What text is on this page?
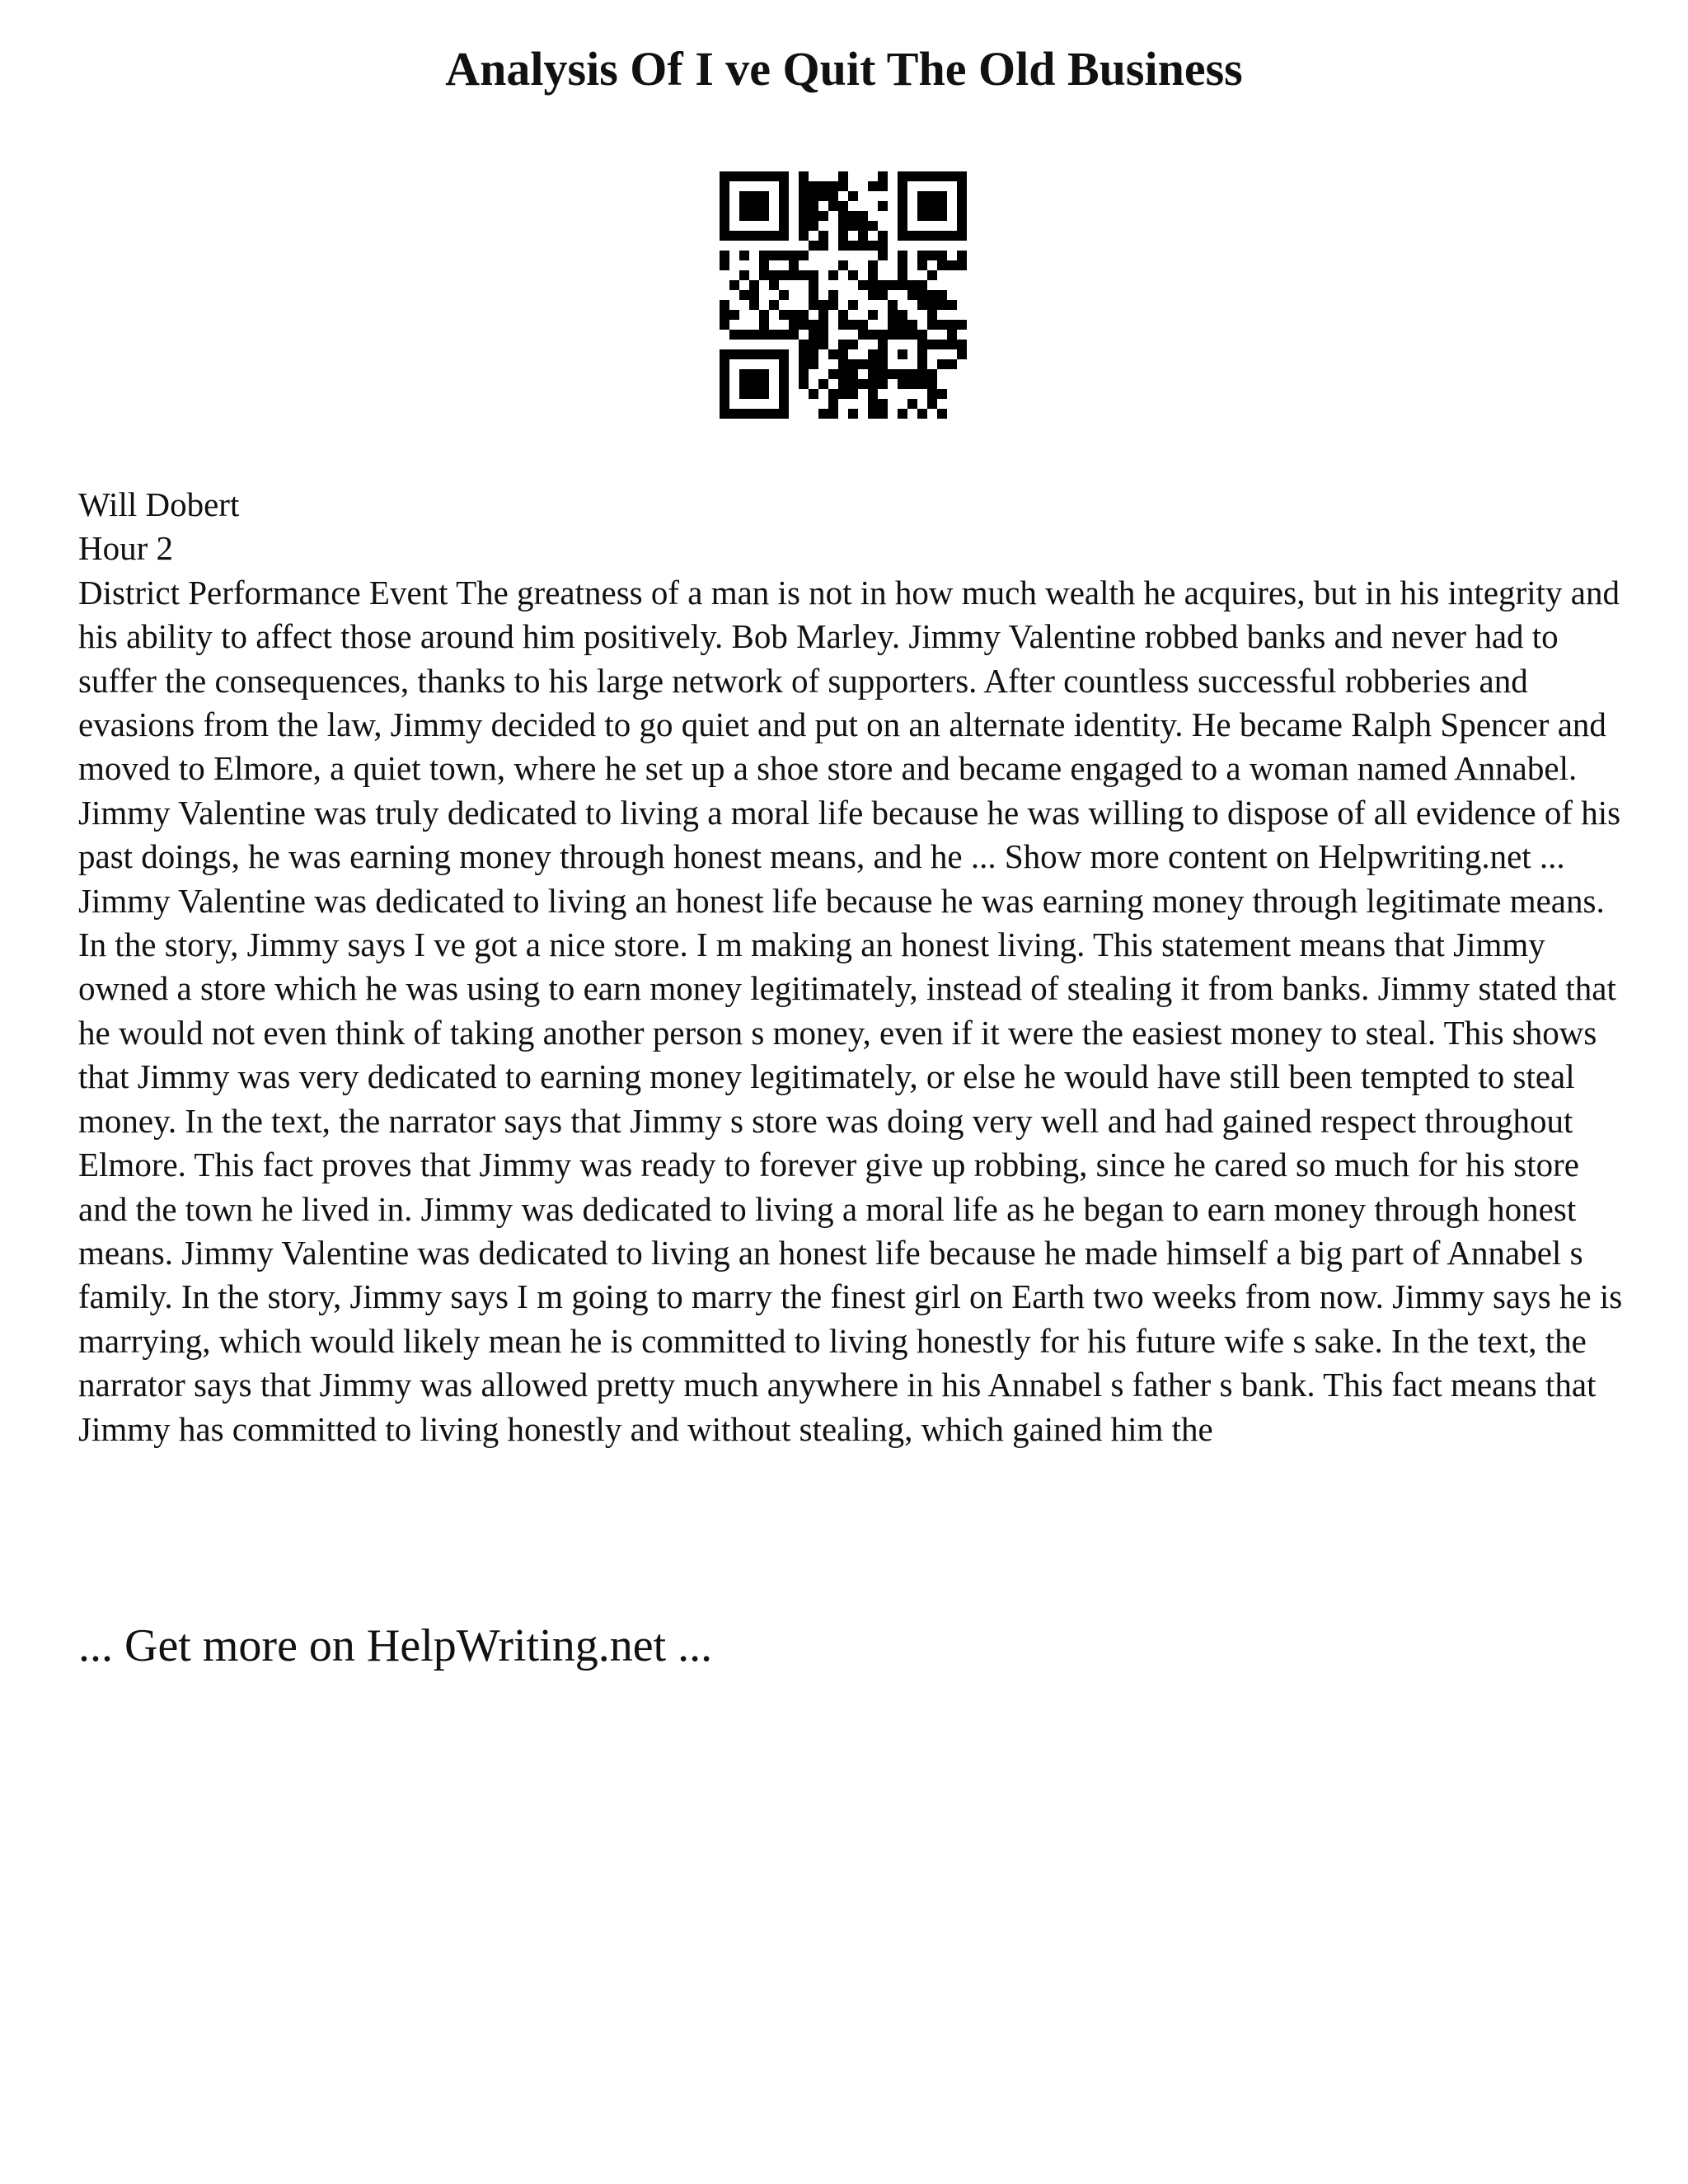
Analysis Of I ve Quit The Old Business

Will Dobert

Hour 2

District Performance Event The greatness of a man is not in how much wealth he acquires, but in his integrity and his ability to affect those around him positively. Bob Marley. Jimmy Valentine robbed banks and never had to suffer the consequences, thanks to his large network of supporters. After countless successful robberies and evasions from the law, Jimmy decided to go quiet and put on an alternate identity. He became Ralph Spencer and moved to Elmore, a quiet town, where he set up a shoe store and became engaged to a woman named Annabel. Jimmy Valentine was truly dedicated to living a moral life because he was willing to dispose of all evidence of his past doings, he was earning money through honest means, and he ... Show more content on Helpwriting.net ...

Jimmy Valentine was dedicated to living an honest life because he was earning money through legitimate means. In the story, Jimmy says I ve got a nice store. I m making an honest living. This statement means that Jimmy owned a store which he was using to earn money legitimately, instead of stealing it from banks. Jimmy stated that he would not even think of taking another person s money, even if it were the easiest money to steal. This shows that Jimmy was very dedicated to earning money legitimately, or else he would have still been tempted to steal money. In the text, the narrator says that Jimmy s store was doing very well and had gained respect throughout Elmore. This fact proves that Jimmy was ready to forever give up robbing, since he cared so much for his store and the town he lived in. Jimmy was dedicated to living a moral life as he began to earn money through honest means. Jimmy Valentine was dedicated to living an honest life because he made himself a big part of Annabel s family. In the story, Jimmy says I m going to marry the finest girl on Earth two weeks from now. Jimmy says he is marrying, which would likely mean he is committed to living honestly for his future wife s sake. In the text, the narrator says that Jimmy was allowed pretty much anywhere in his Annabel s father s bank. This fact means that Jimmy has committed to living honestly and without stealing, which gained him the

... Get more on HelpWriting.net ...
